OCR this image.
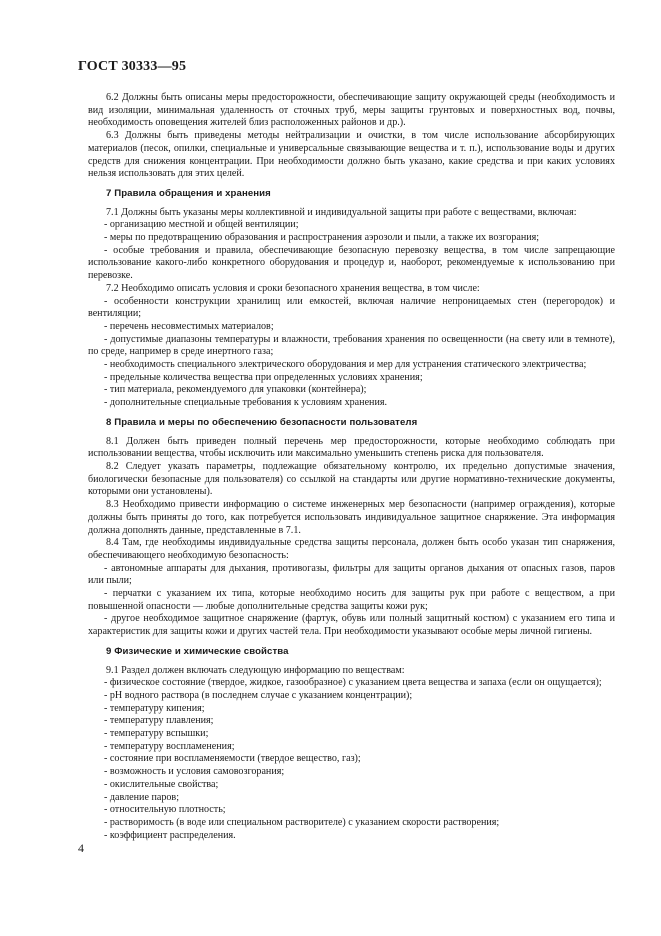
ГОСТ 30333—95
6.2 Должны быть описаны меры предосторожности, обеспечивающие защиту окружающей среды (необходимость и вид изоляции, минимальная удаленность от сточных труб, меры защиты грунтовых и поверхностных вод, почвы, необходимость оповещения жителей близ расположенных районов и др.).
6.3 Должны быть приведены методы нейтрализации и очистки, в том числе использование абсорбирующих материалов (песок, опилки, специальные и универсальные связывающие вещества и т. п.), использование воды и других средств для снижения концентрации. При необходимости должно быть указано, какие средства и при каких условиях нельзя использовать для этих целей.
7 Правила обращения и хранения
7.1 Должны быть указаны меры коллективной и индивидуальной защиты при работе с веществами, включая:
- организацию местной и общей вентиляции;
- меры по предотвращению образования и распространения аэрозоли и пыли, а также их возгорания;
- особые требования и правила, обеспечивающие безопасную перевозку вещества, в том числе запрещающие использование какого-либо конкретного оборудования и процедур и, наоборот, рекомендуемые к использованию при перевозке.
7.2 Необходимо описать условия и сроки безопасного хранения вещества, в том числе:
- особенности конструкции хранилищ или емкостей, включая наличие непроницаемых стен (перегородок) и вентиляции;
- перечень несовместимых материалов;
- допустимые диапазоны температуры и влажности, требования хранения по освещенности (на свету или в темноте), по среде, например в среде инертного газа;
- необходимость специального электрического оборудования и мер для устранения статического электричества;
- предельные количества вещества при определенных условиях хранения;
- тип материала, рекомендуемого для упаковки (контейнера);
- дополнительные специальные требования к условиям хранения.
8 Правила и меры по обеспечению безопасности пользователя
8.1 Должен быть приведен полный перечень мер предосторожности, которые необходимо соблюдать при использовании вещества, чтобы исключить или максимально уменьшить степень риска для пользователя.
8.2 Следует указать параметры, подлежащие обязательному контролю, их предельно допустимые значения, биологически безопасные для пользователя) со ссылкой на стандарты или другие нормативно-технические документы, которыми они установлены).
8.3 Необходимо привести информацию о системе инженерных мер безопасности (например ограждения), которые должны быть приняты до того, как потребуется использовать индивидуальное защитное снаряжение. Эта информация должна дополнять данные, представленные в 7.1.
8.4 Там, где необходимы индивидуальные средства защиты персонала, должен быть особо указан тип снаряжения, обеспечивающего необходимую безопасность:
- автономные аппараты для дыхания, противогазы, фильтры для защиты органов дыхания от опасных газов, паров или пыли;
- перчатки с указанием их типа, которые необходимо носить для защиты рук при работе с веществом, а при повышенной опасности — любые дополнительные средства защиты кожи рук;
- другое необходимое защитное снаряжение (фартук, обувь или полный защитный костюм) с указанием его типа и характеристик для защиты кожи и других частей тела. При необходимости указывают особые меры личной гигиены.
9 Физические и химические свойства
9.1 Раздел должен включать следующую информацию по веществам:
- физическое состояние (твердое, жидкое, газообразное) с указанием цвета вещества и запаха (если он ощущается);
- pH водного раствора (в последнем случае с указанием концентрации);
- температуру кипения;
- температуру плавления;
- температуру вспышки;
- температуру воспламенения;
- состояние при воспламеняемости (твердое вещество, газ);
- возможность и условия самовозгорания;
- окислительные свойства;
- давление паров;
- относительную плотность;
- растворимость (в воде или специальном растворителе) с указанием скорости растворения;
- коэффициент распределения.
4
